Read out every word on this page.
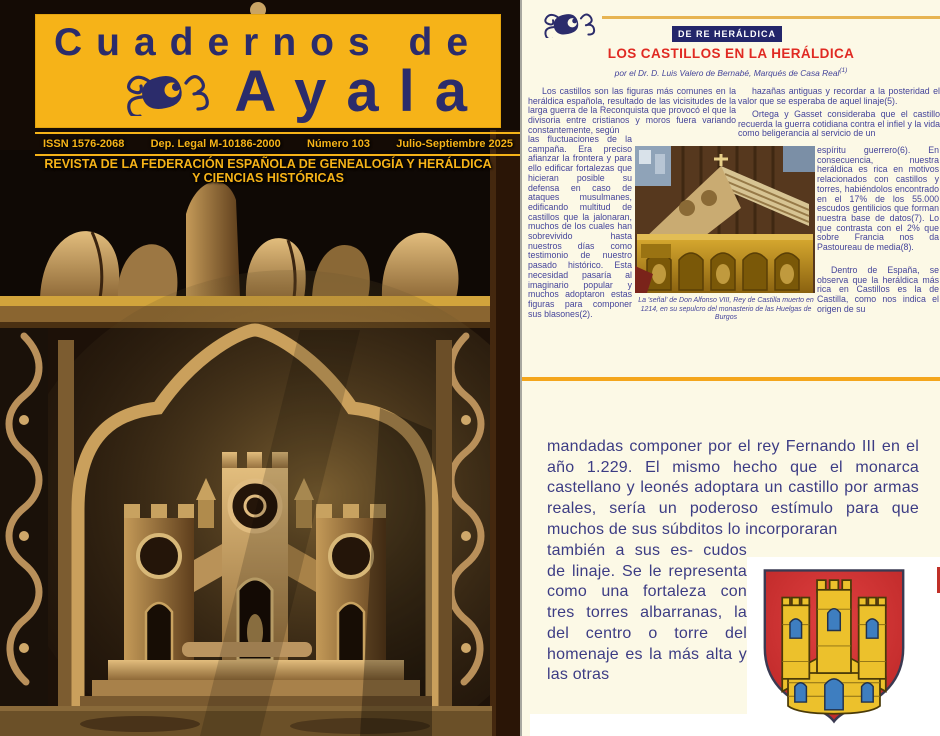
Cuadernos de
Ayala
ISSN 1576-2068 Dep. Legal M-10186-2000 Número 103 Julio-Septiembre 2025
REVISTA DE LA FEDERACIÓN ESPAÑOLA DE GENEALOGÍA Y HERÁLDICA
Y CIENCIAS HISTÓRICAS
DE RE HERÁLDICA
LOS CASTILLOS EN LA HERÁLDICA
por el Dr. D. Luis Valero de Bernabé, Marqués de Casa Real$^{(1)}$

Los castillos son las figuras más comunes en la heráldica española, resultado de las vicisitudes de la larga guerra de la Reconquista que provocó el que la divisoria entre cristianos y moros fuera variando constantemente, según

las fluctuaciones de la campaña. Era preciso afianzar la frontera y para ello edificar fortalezas que hicieran posible su defensa en caso de ataques musulmanes, edificando multitud de castillos que la jalonaran, muchos de los cuales han sobrevivido hasta nuestros días como testimonio de nuestro pasado histórico. Esta necesidad pasaría al imaginario popular y muchos adoptaron estas figuras para componer sus blasones(2).

hazañas antiguas y recordar a la posteridad el valor que se esperaba de aquel linaje(5).

Ortega y Gasset consideraba que el castillo recuerda la guerra cotidiana contra el infiel y la vida como beligerancia al servicio de un

espíritu guerrero(6). En consecuencia, nuestra heráldica es rica en motivos relacionados con castillos y torres, habiéndolos encontrado en el 17% de los 55.000 escudos gentilicios que forman nuestra base de datos(7). Lo que contrasta con el 2% que sobre Francia nos da Pastoureau de media(8).

Dentro de España, se observa que la heráldica más rica en Castillos es la de Castilla, como nos indica el origen de su

La 'señal' de Don Alfonso VIII, Rey de Castilla muerto en 1214, en su sepulcro del monasterio de las Huelgas de Burgos
mandadas componer por el rey Fernando III en el año 1.229. El mismo hecho que el monarca castellano y leonés adoptara un castillo por armas reales, sería un poderoso estímulo para que muchos de sus súbditos lo incorporaran
también a sus es- cudos de linaje. Se le representa como una fortaleza con tres torres albarranas, la del centro o torre del homenaje es la más alta y las otras
